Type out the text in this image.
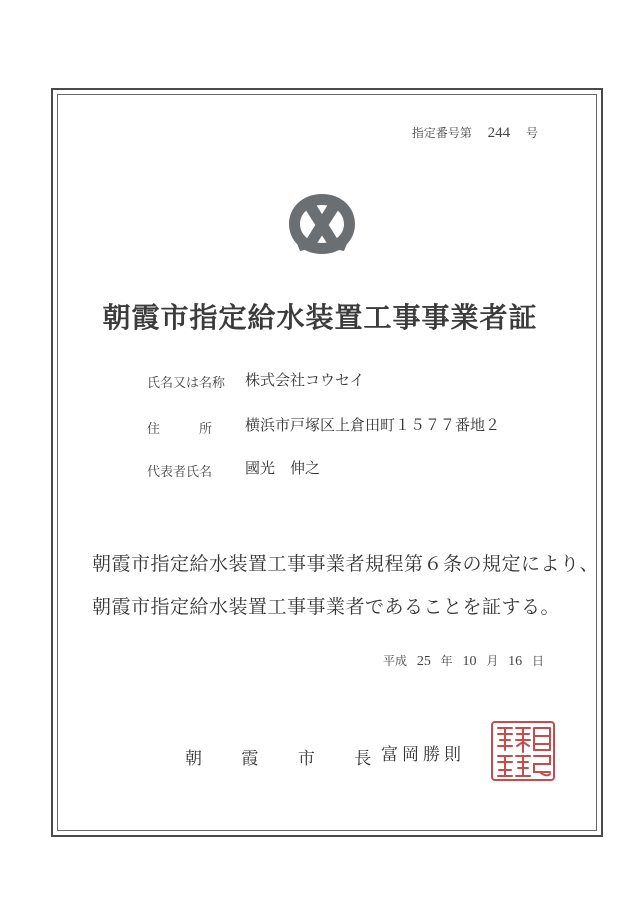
指定番号第 244 号
朝霞市指定給水装置工事事業者証
氏名又は名称 株式会社コウセイ
住　　　所 横浜市戸塚区上倉田町１５７７番地２
代表者氏名 國光　伸之
朝霞市指定給水装置工事事業者規程第６条の規定により、
朝霞市指定給水装置工事事業者であることを証する。
平成 25 年 10 月 16 日
朝 霞 市 長 富岡勝則
